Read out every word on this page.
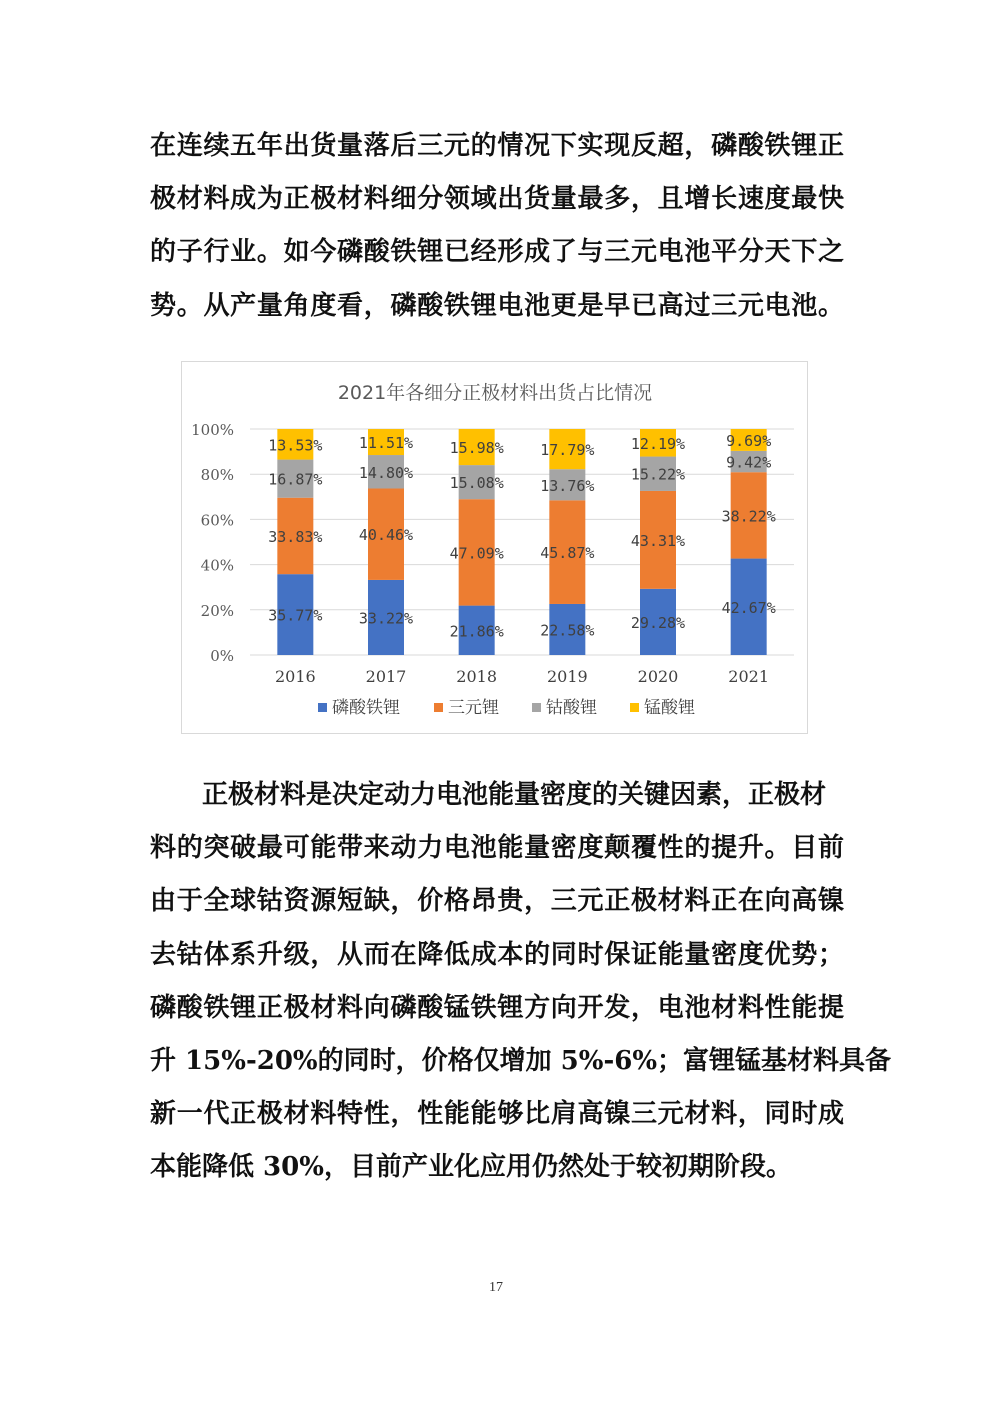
在连续五年出货量落后三元的情况下实现反超，磷酸铁锂正
极材料成为正极材料细分领域出货量最多，且增长速度最快
的子行业。如今磷酸铁锂已经形成了与三元电池平分天下之
势。从产量角度看，磷酸铁锂电池更是早已高过三元电池。
2021年各细分正极材料出货占比情况
0%
20%
40%
60%
80%
100%
35.77%
33.83%
16.87%
13.53%
2016
33.22%
40.46%
14.80%
11.51%
2017
21.86%
47.09%
15.08%
15.98%
2018
22.58%
45.87%
13.76%
17.79%
2019
29.28%
43.31%
15.22%
12.19%
2020
42.67%
38.22%
9.42%
9.69%
2021
磷酸铁锂	三元锂	钴酸锂	锰酸锂
正极材料是决定动力电池能量密度的关键因素，正极材
料的突破最可能带来动力电池能量密度颠覆性的提升。目前
由于全球钴资源短缺，价格昂贵，三元正极材料正在向高镍
去钴体系升级，从而在降低成本的同时保证能量密度优势；
磷酸铁锂正极材料向磷酸锰铁锂方向开发，电池材料性能提
升 15%-20%的同时，价格仅增加 5%-6%；富锂锰基材料具备
新一代正极材料特性，性能能够比肩高镍三元材料，同时成
本能降低 30%，目前产业化应用仍然处于较初期阶段。
17
